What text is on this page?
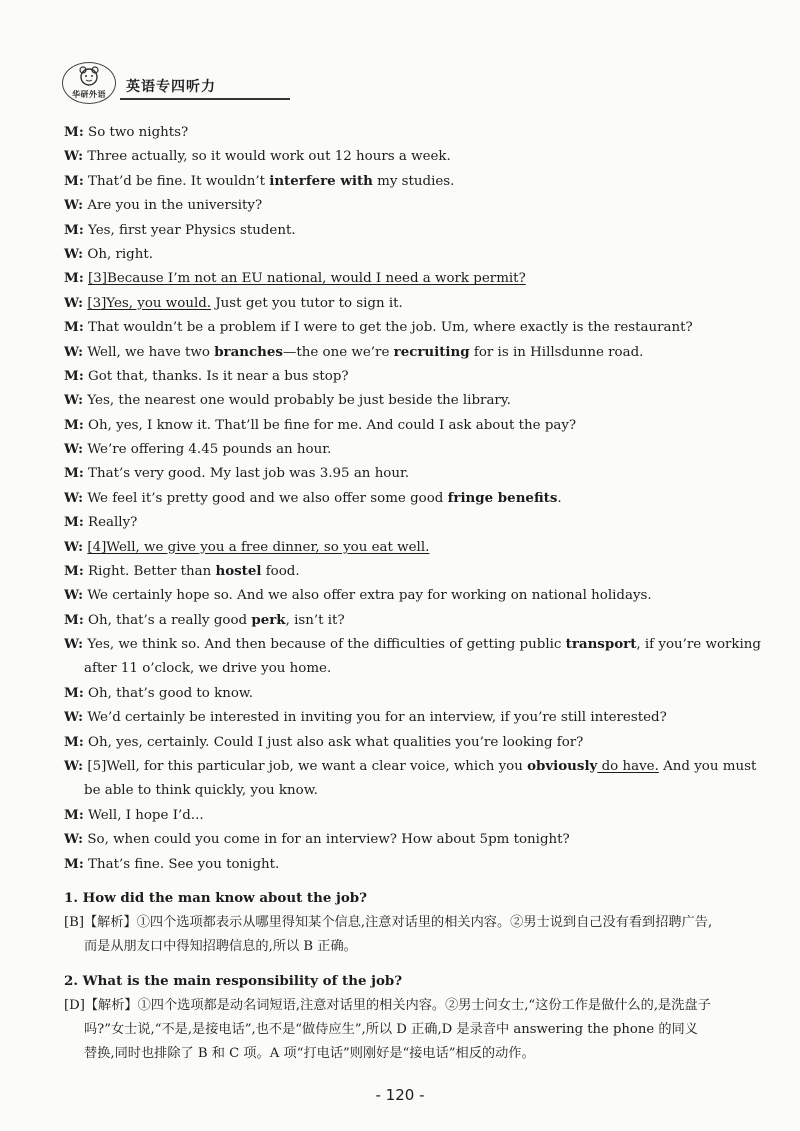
华研外语 英语专四听力
M: So two nights?
W: Three actually, so it would work out 12 hours a week.
M: That’d be fine. It wouldn’t interfere with my studies.
W: Are you in the university?
M: Yes, first year Physics student.
W: Oh, right.
M: [3]Because I’m not an EU national, would I need a work permit?
W: [3]Yes, you would. Just get you tutor to sign it.
M: That wouldn’t be a problem if I were to get the job. Um, where exactly is the restaurant?
W: Well, we have two branches—the one we’re recruiting for is in Hillsdunne road.
M: Got that, thanks. Is it near a bus stop?
W: Yes, the nearest one would probably be just beside the library.
M: Oh, yes, I know it. That’ll be fine for me. And could I ask about the pay?
W: We’re offering 4.45 pounds an hour.
M: That’s very good. My last job was 3.95 an hour.
W: We feel it’s pretty good and we also offer some good fringe benefits.
M: Really?
W: [4]Well, we give you a free dinner, so you eat well.
M: Right. Better than hostel food.
W: We certainly hope so. And we also offer extra pay for working on national holidays.
M: Oh, that’s a really good perk, isn’t it?
W: Yes, we think so. And then because of the difficulties of getting public transport, if you’re working
after 11 o’clock, we drive you home.
M: Oh, that’s good to know.
W: We’d certainly be interested in inviting you for an interview, if you’re still interested?
M: Oh, yes, certainly. Could I just also ask what qualities you’re looking for?
W: [5]Well, for this particular job, we want a clear voice, which you obviously do have. And you must
be able to think quickly, you know.
M: Well, I hope I’d...
W: So, when could you come in for an interview? How about 5pm tonight?
M: That’s fine. See you tonight.
1. How did the man know about the job?
[B]【解析】①四个选项都表示从哪里得知某个信息,注意对话里的相关内容。②男士说到自己没有看到招聘广告,
而是从朋友口中得知招聘信息的,所以 B 正确。
2. What is the main responsibility of the job?
[D]【解析】①四个选项都是动名词短语,注意对话里的相关内容。②男士问女士,“这份工作是做什么的,是洗盘子
吗?”女士说,“不是,是接电话”,也不是“做侍应生”,所以 D 正确,D 是录音中 answering the phone 的同义
替换,同时也排除了 B 和 C 项。A 项“打电话”则刚好是“接电话”相反的动作。
- 120 -
